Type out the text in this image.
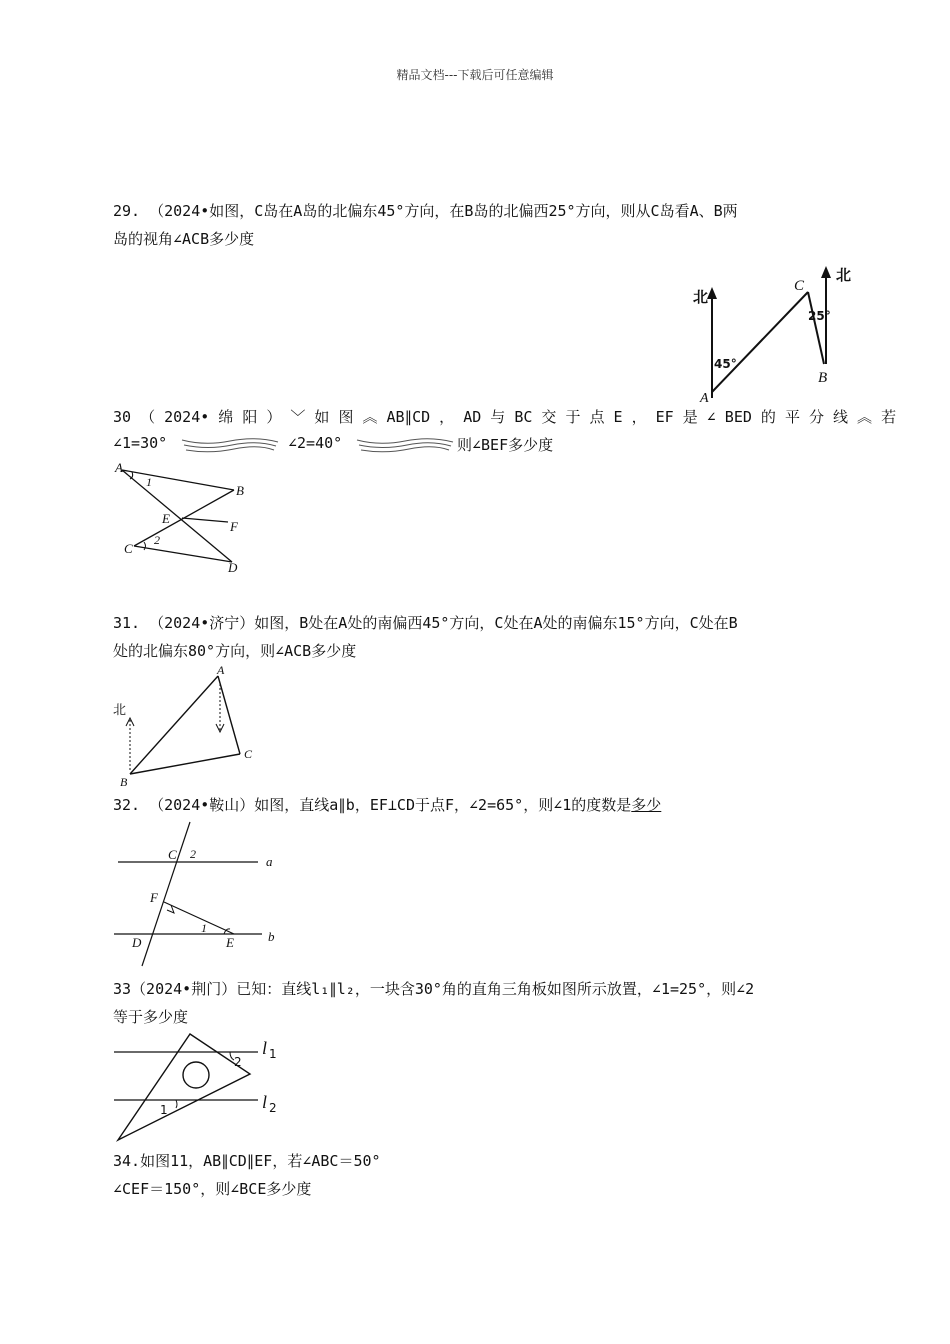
精品文档---下载后可任意编辑
29. （2024•如图，C岛在A岛的北偏东45°方向，在B岛的北偏西25°方向，则从C岛看A、B两
岛的视角∠ACB多少度
北
北
A
C
B
45°
25°
30 （ 2024• 绵 阳 ） ﹀ 如 图 ︽ AB∥CD ， AD 与 BC 交 于 点 E ， EF 是 ∠ BED 的 平 分 线 ︽ 若
∠1=30°	∠2=40°	则∠BEF多少度
A
B
C
D
E
F
1
2
31. （2024•济宁）如图，B处在A处的南偏西45°方向，C处在A处的南偏东15°方向，C处在B
处的北偏东80°方向，则∠ACB多少度
北
A
B
C
32. （2024•鞍山）如图，直线a∥b，EF⊥CD于点F，∠2=65°，则∠1的度数是多少
a
b
C 2
F
1
D	E
33（2024•荆门）已知：直线l₁∥l₂，一块含30°角的直角三角板如图所示放置，∠1=25°，则∠2
等于多少度
1
2
l 1
l 2
34.如图11，AB∥CD∥EF，若∠ABC＝50°
∠CEF＝150°，则∠BCE多少度
